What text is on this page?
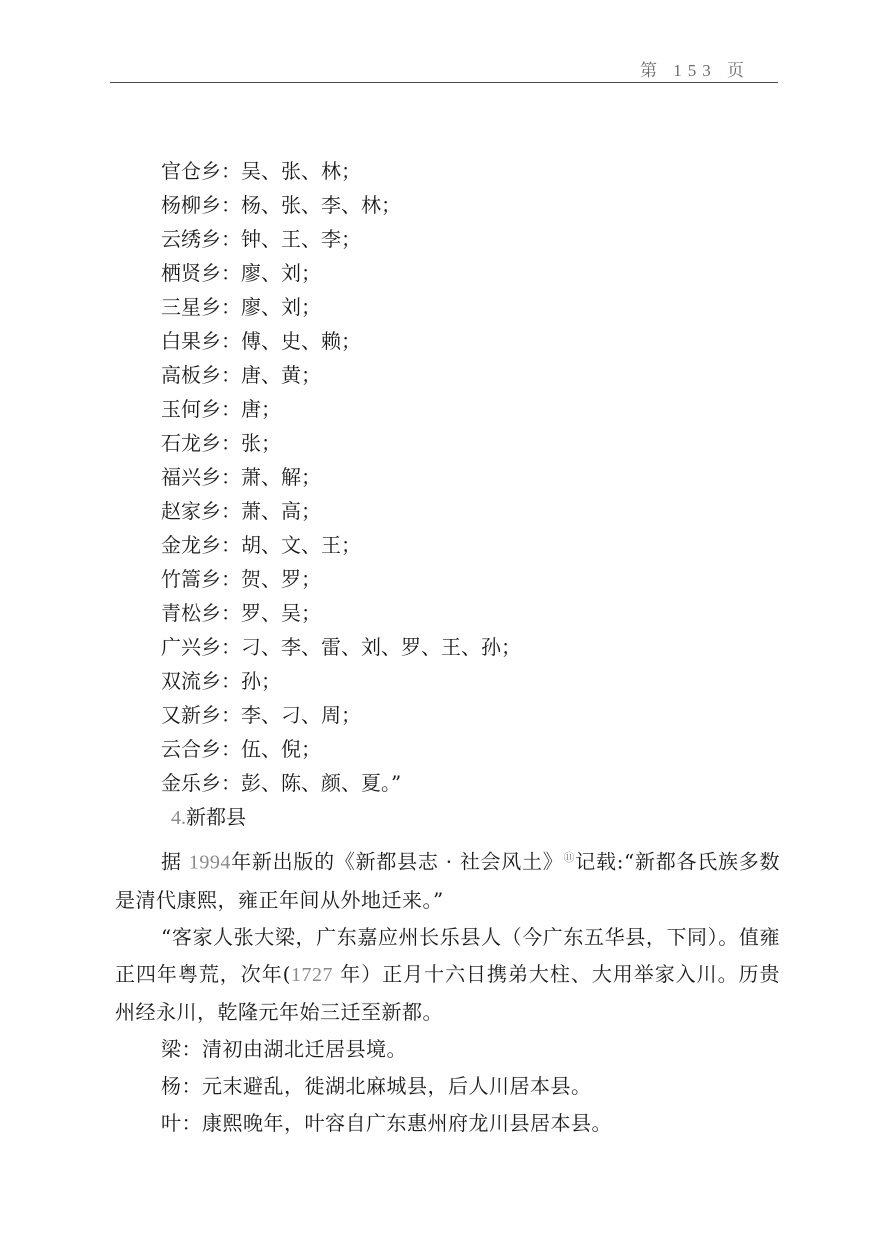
第 153 页
官仓乡：吴、张、林；
杨柳乡：杨、张、李、林；
云绣乡：钟、王、李；
栖贤乡：廖、刘；
三星乡：廖、刘；
白果乡：傅、史、赖；
高板乡：唐、黄；
玉何乡：唐；
石龙乡：张；
福兴乡：萧、解；
赵家乡：萧、高；
金龙乡：胡、文、王；
竹篙乡：贺、罗；
青松乡：罗、吴；
广兴乡：刁、李、雷、刘、罗、王、孙；
双流乡：孙；
又新乡：李、刁、周；
云合乡：伍、倪；
金乐乡：彭、陈、颜、夏。”
4.新都县

据 1994年新出版的《新都县志 · 社会风土》⑪记载:“新都各氏族多数是清代康熙，雍正年间从外地迁来。”

“客家人张大梁，广东嘉应州长乐县人（今广东五华县，下同）。值雍正四年粤荒，次年(1727 年）正月十六日携弟大柱、大用举家入川。历贵州经永川，乾隆元年始三迁至新都。

梁：清初由湖北迁居县境。

杨：元末避乱，徙湖北麻城县，后人川居本县。

叶：康熙晚年，叶容自广东惠州府龙川县居本县。
